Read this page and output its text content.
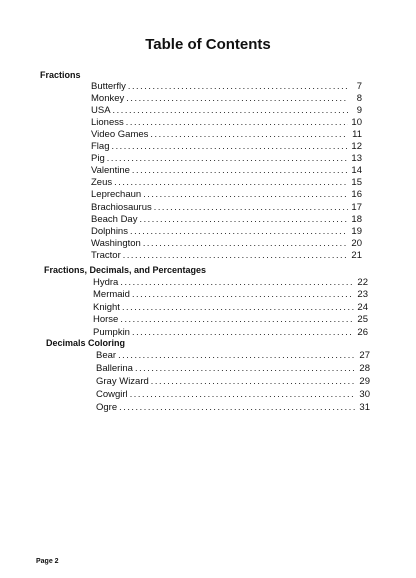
Table of Contents
Fractions
Butterfly .....	7
Monkey .....	8
USA .....	9
Lioness .....	10
Video Games .....	11
Flag .....	12
Pig .....	13
Valentine .....	14
Zeus .....	15
Leprechaun .....	16
Brachiosaurus .....	17
Beach Day .....	18
Dolphins .....	19
Washington .....	20
Tractor .....	21
Fractions, Decimals, and Percentages
Hydra .....	22
Mermaid .....	23
Knight .....	24
Horse .....	25
Pumpkin .....	26
Decimals Coloring
Bear .....	27
Ballerina .....	28
Gray Wizard .....	29
Cowgirl .....	30
Ogre .....	31
Page 2
